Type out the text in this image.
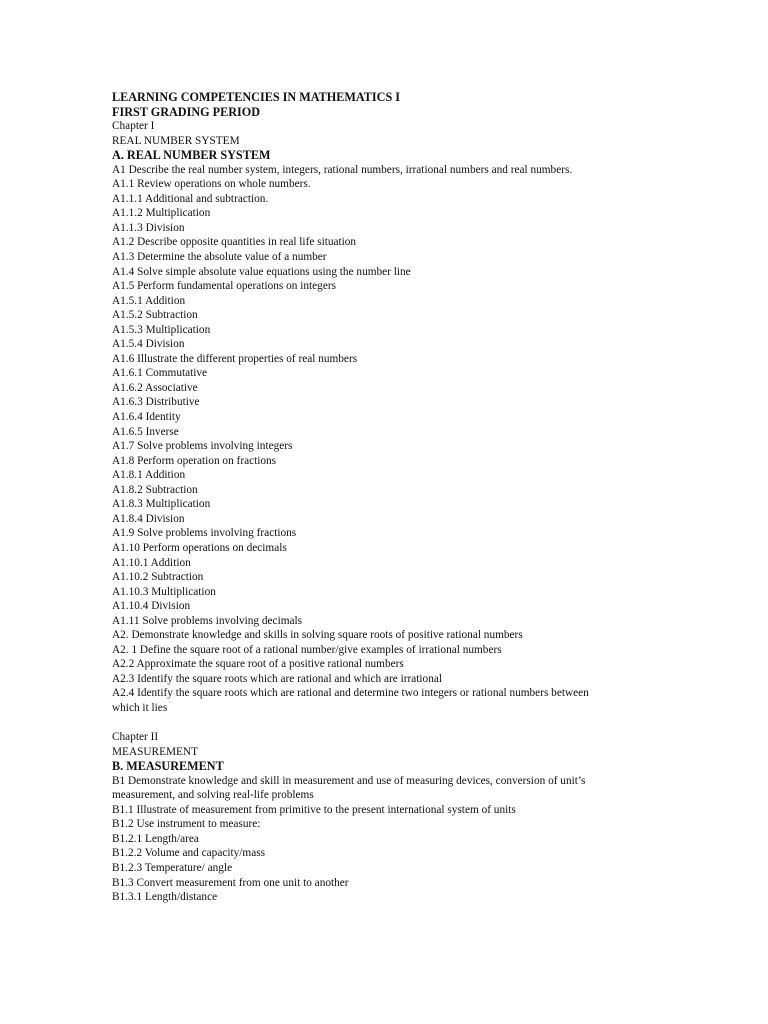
LEARNING COMPETENCIES IN MATHEMATICS I
FIRST GRADING PERIOD
Chapter I
REAL NUMBER SYSTEM
A. REAL NUMBER SYSTEM
A1 Describe the real number system, integers, rational numbers, irrational numbers and real numbers.
A1.1 Review operations on whole numbers.
A1.1.1 Additional and subtraction.
A1.1.2 Multiplication
A1.1.3 Division
A1.2 Describe opposite quantities in real life situation
A1.3 Determine the absolute value of a number
A1.4 Solve simple absolute value equations using the number line
A1.5 Perform fundamental operations on integers
A1.5.1 Addition
A1.5.2 Subtraction
A1.5.3 Multiplication
A1.5.4 Division
A1.6 Illustrate the different properties of real numbers
A1.6.1 Commutative
A1.6.2 Associative
A1.6.3 Distributive
A1.6.4 Identity
A1.6.5 Inverse
A1.7 Solve problems involving integers
A1.8 Perform operation on fractions
A1.8.1 Addition
A1.8.2 Subtraction
A1.8.3 Multiplication
A1.8.4 Division
A1.9 Solve problems involving fractions
A1.10 Perform operations on decimals
A1.10.1 Addition
A1.10.2 Subtraction
A1.10.3 Multiplication
A1.10.4 Division
A1.11 Solve problems involving decimals
A2. Demonstrate knowledge and skills in solving square roots of positive rational numbers
A2. 1 Define the square root of a rational number/give examples of irrational numbers
A2.2 Approximate the square root of a positive rational numbers
A2.3 Identify the square roots which are rational and which are irrational
A2.4 Identify the square roots which are rational and determine two integers or rational numbers between
which it lies
Chapter II
MEASUREMENT
B. MEASUREMENT
B1 Demonstrate knowledge and skill in measurement and use of measuring devices, conversion of unit’s
measurement, and solving real-life problems
B1.1 Illustrate of measurement from primitive to the present international system of units
B1.2 Use instrument to measure:
B1.2.1 Length/area
B1.2.2 Volume and capacity/mass
B1.2.3 Temperature/ angle
B1.3 Convert measurement from one unit to another
B1.3.1 Length/distance
